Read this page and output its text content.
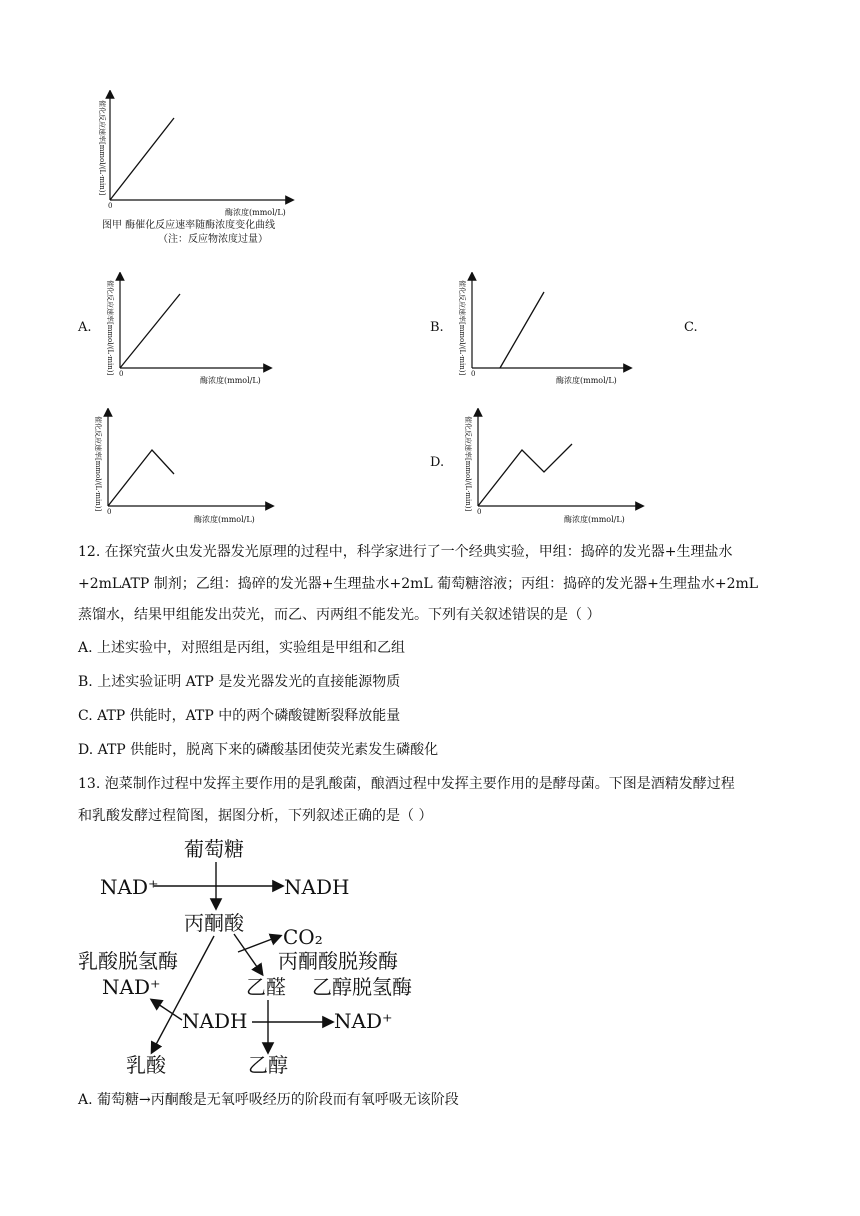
催化反应速率[mmol/(L·min)]
0
酶浓度(mmol/L)
图甲 酶催化反应速率随酶浓度变化曲线
（注：反应物浓度过量）
A. 催化反应速率[mmol/(L·min)] 0
酶浓度(mmol/L)
B. 催化反应速率[mmol/(L·min)] 0
酶浓度(mmol/L)
C.
催化反应速率[mmol/(L·min)]
0
酶浓度(mmol/L)
D.	催化反应速率[mmol/(L·min)]
0
酶浓度(mmol/L)
12. 在探究萤火虫发光器发光原理的过程中，科学家进行了一个经典实验，甲组：捣碎的发光器+生理盐水
+2mLATP 制剂；乙组：捣碎的发光器+生理盐水+2mL 葡萄糖溶液；丙组：捣碎的发光器+生理盐水+2mL
蒸馏水，结果甲组能发出荧光，而乙、丙两组不能发光。下列有关叙述错误的是（ ）
A. 上述实验中，对照组是丙组，实验组是甲组和乙组
B. 上述实验证明 ATP 是发光器发光的直接能源物质
C. ATP 供能时，ATP 中的两个磷酸键断裂释放能量
D. ATP 供能时，脱离下来的磷酸基团使荧光素发生磷酸化
13. 泡菜制作过程中发挥主要作用的是乳酸菌，酿酒过程中发挥主要作用的是酵母菌。下图是酒精发酵过程
和乳酸发酵过程简图，据图分析，下列叙述正确的是（ ）
葡萄糖
NAD⁺	NADH
丙酮酸
CO₂
丙酮酸脱羧酶
乳酸脱氢酶
NAD⁺	乙醛 乙醇脱氢酶
NADH	NAD⁺
乳酸	乙醇
A. 葡萄糖→丙酮酸是无氧呼吸经历的阶段而有氧呼吸无该阶段
